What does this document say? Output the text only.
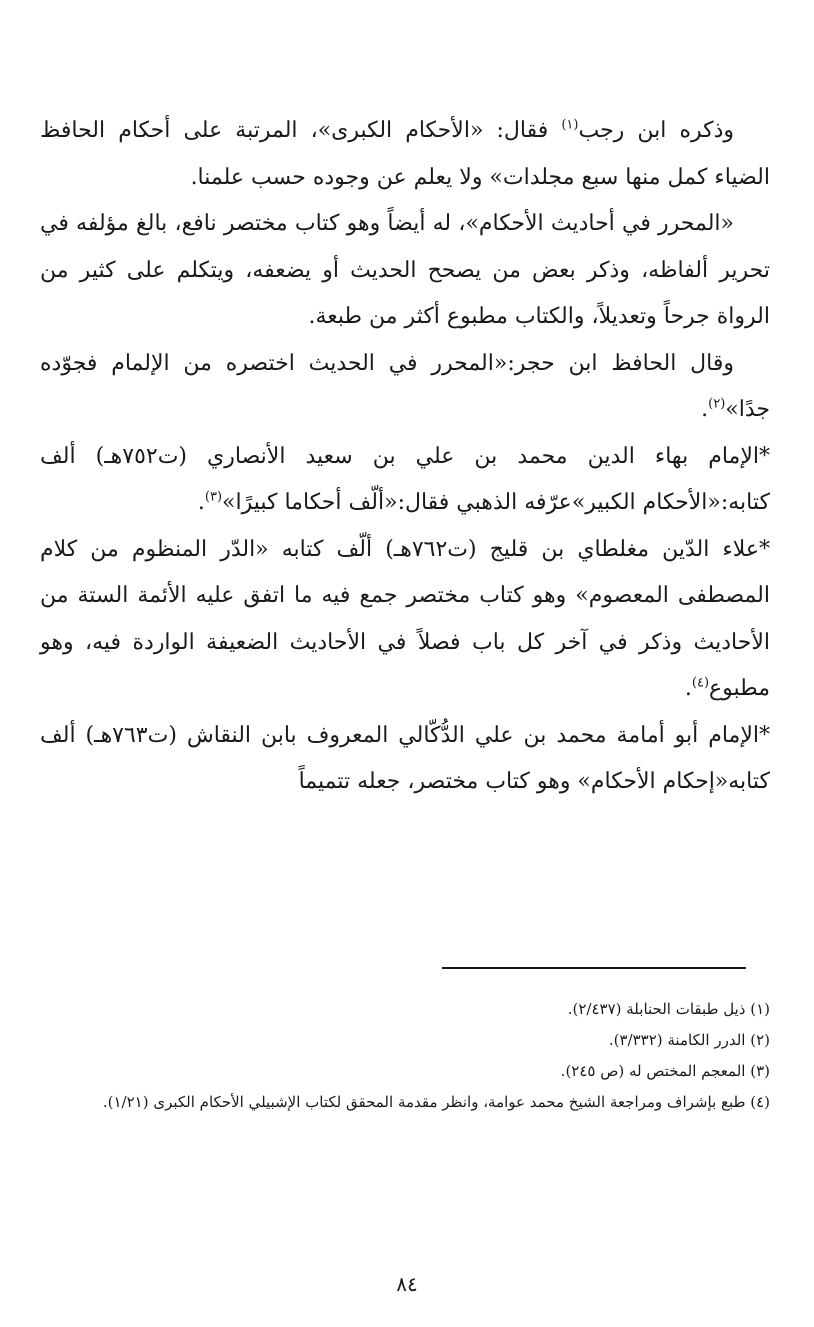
وذكره ابن رجب$^{(١)}$ فقال: «الأحكام الكبرى»، المرتبة على أحكام الحافظ الضياء كمل منها سبع مجلدات» ولا يعلم عن وجوده حسب علمنا.

«المحرر في أحاديث الأحكام»، له أيضاً وهو كتاب مختصر نافع، بالغ مؤلفه في تحرير ألفاظه، وذكر بعض من يصحح الحديث أو يضعفه، ويتكلم على كثير من الرواة جرحاً وتعديلاً، والكتاب مطبوع أكثر من طبعة.

وقال الحافظ ابن حجر:«المحرر في الحديث اختصره من الإلمام فجوّده جدًا»$^{(٢)}$.

*الإمام بهاء الدين محمد بن علي بن سعيد الأنصاري (ت٧٥٢هـ) ألف كتابه:«الأحكام الكبير»عرّفه الذهبي فقال:«ألّف أحكاما كبيرًا»$^{(٣)}$.

*علاء الدّين مغلطاي بن قليج (ت٧٦٢هـ) ألّف كتابه «الدّر المنظوم من كلام المصطفى المعصوم» وهو كتاب مختصر جمع فيه ما اتفق عليه الأئمة الستة من الأحاديث وذكر في آخر كل باب فصلاً في الأحاديث الضعيفة الواردة فيه، وهو مطبوع$^{(٤)}$.

*الإمام أبو أمامة محمد بن علي الدُّكّالي المعروف بابن النقاش (ت٧٦٣هـ) ألف كتابه«إحكام الأحكام» وهو كتاب مختصر، جعله تتميماً

(١) ذيل طبقات الحنابلة (٢/٤٣٧).

(٢) الدرر الكامنة (٣/٣٣٢).

(٣) المعجم المختص له (ص ٢٤٥).

(٤) طبع بإشراف ومراجعة الشيخ محمد عوامة، وانظر مقدمة المحقق لكتاب الإشبيلي الأحكام الكبرى (١/٢١).

٨٤
